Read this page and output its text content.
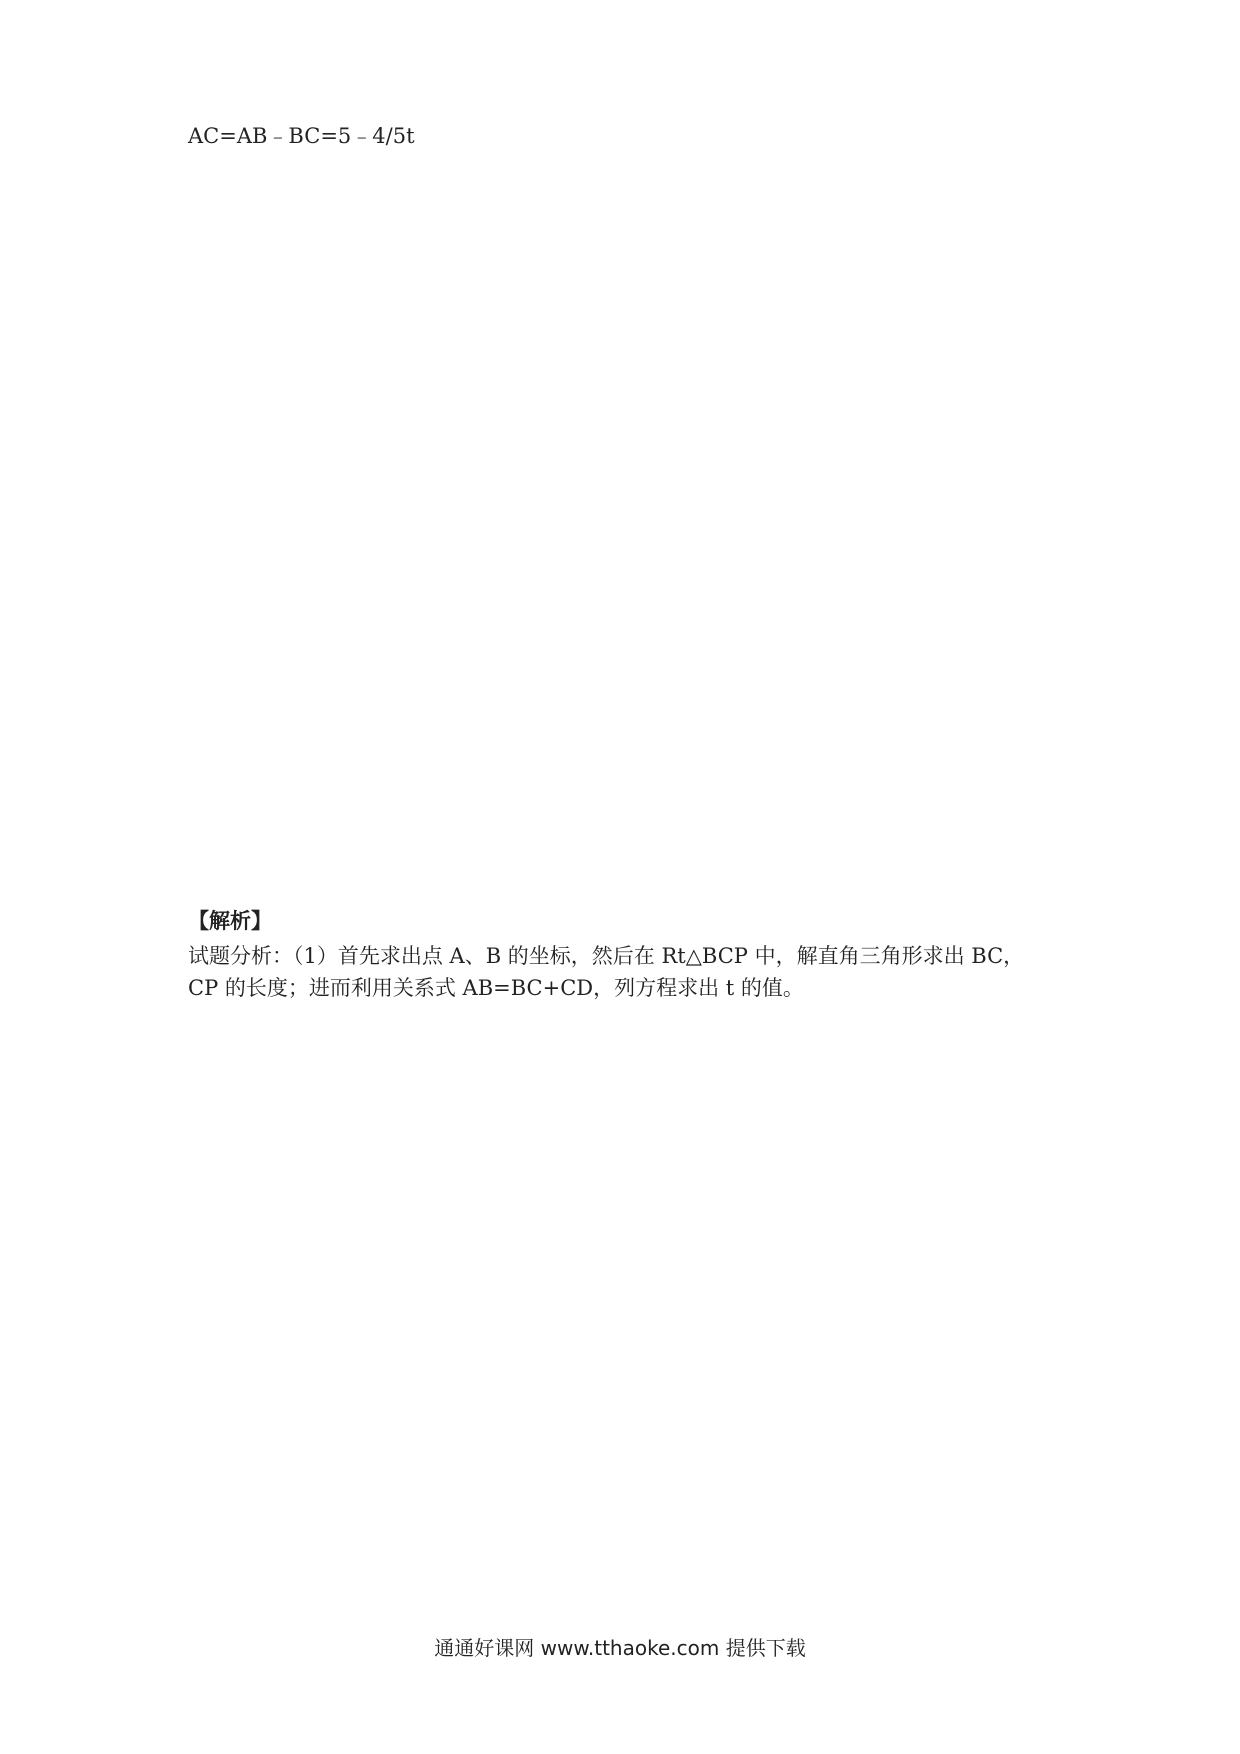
AC=AB﹣BC=5﹣4/5t
【解析】
试题分析：（1）首先求出点 A、B 的坐标，然后在 Rt△BCP 中，解直角三角形求出 BC，CP 的长度；进而利用关系式 AB=BC+CD，列方程求出 t 的值。
通通好课网 www.tthaoke.com 提供下载
